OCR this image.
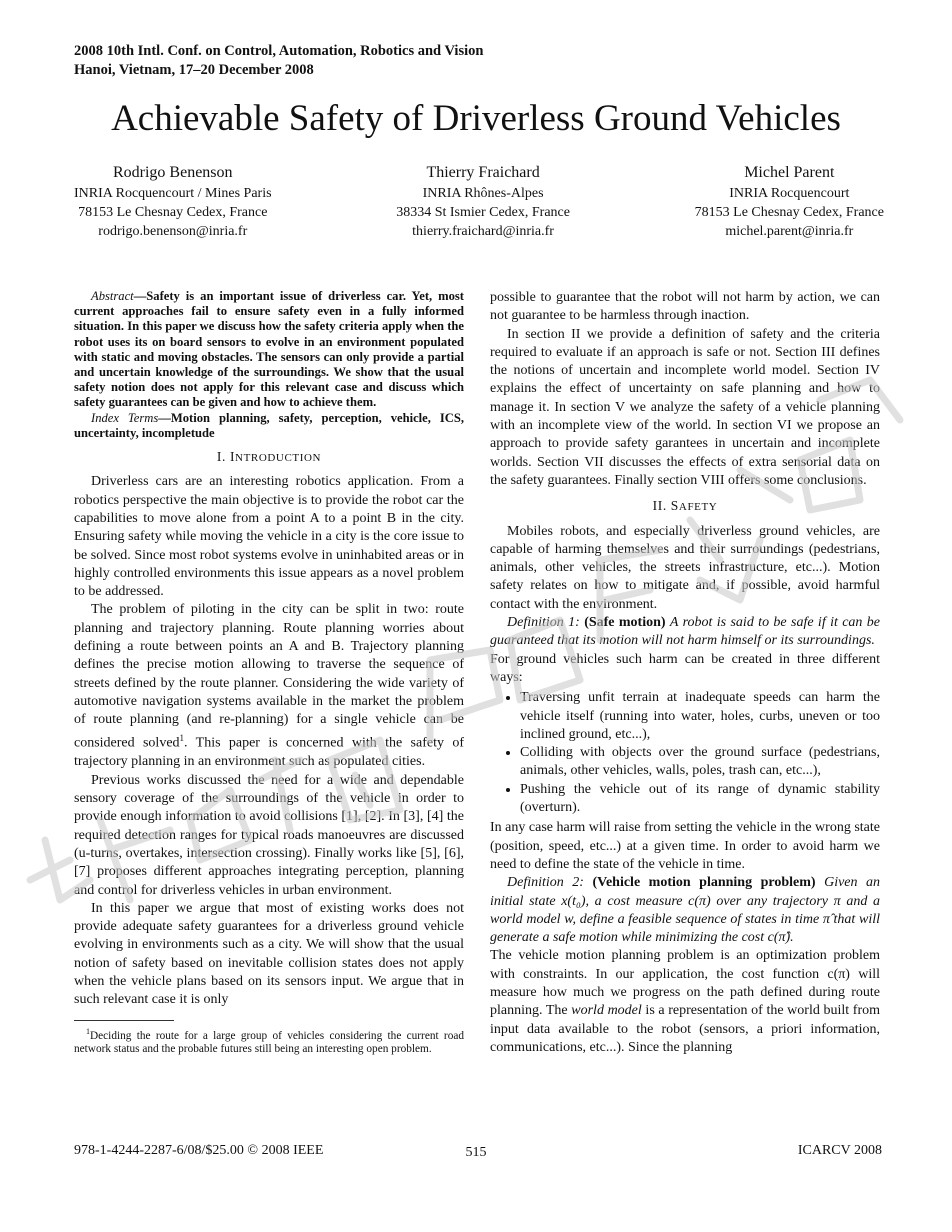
2008 10th Intl. Conf. on Control, Automation, Robotics and Vision
Hanoi, Vietnam, 17–20 December 2008
Achievable Safety of Driverless Ground Vehicles
Rodrigo Benenson
INRIA Rocquencourt / Mines Paris
78153 Le Chesnay Cedex, France
rodrigo.benenson@inria.fr
Thierry Fraichard
INRIA Rhônes-Alpes
38334 St Ismier Cedex, France
thierry.fraichard@inria.fr
Michel Parent
INRIA Rocquencourt
78153 Le Chesnay Cedex, France
michel.parent@inria.fr

Abstract—Safety is an important issue of driverless car. Yet, most current approaches fail to ensure safety even in a fully informed situation. In this paper we discuss how the safety criteria apply when the robot uses its on board sensors to evolve in an environment populated with static and moving obstacles. The sensors can only provide a partial and uncertain knowledge of the surroundings. We show that the usual safety notion does not apply for this relevant case and discuss which safety guarantees can be given and how to achieve them.

Index Terms—Motion planning, safety, perception, vehicle, ICS, uncertainty, incompletude

I. INTRODUCTION

Driverless cars are an interesting robotics application. From a robotics perspective the main objective is to provide the robot car the capabilities to move alone from a point A to a point B in the city. Ensuring safety while moving the vehicle in a city is the core issue to be solved. Since most robot systems evolve in uninhabited areas or in highly controlled environments this issue appears as a novel problem to be addressed.

The problem of piloting in the city can be split in two: route planning and trajectory planning. Route planning worries about defining a route between points an A and B. Trajectory planning defines the precise motion allowing to traverse the sequence of streets defined by the route planner. Considering the wide variety of automotive navigation systems available in the market the problem of route planning (and re-planning) for a single vehicle can be considered solved$^1$. This paper is concerned with the safety of trajectory planning in an environment such as populated cities.

Previous works discussed the need for a wide and dependable sensory coverage of the surroundings of the vehicle in order to provide enough information to avoid collisions [1], [2]. In [3], [4] the required detection ranges for typical roads manoeuvres are discussed (u-turns, overtakes, intersection crossing). Finally works like [5], [6], [7] proposes different approaches integrating perception, planning and control for driverless vehicles in urban environment.

In this paper we argue that most of existing works does not provide adequate safety guarantees for a driverless ground vehicle evolving in environments such as a city. We will show that the usual notion of safety based on inevitable collision states does not apply when the vehicle plans based on its sensors input. We argue that in such relevant case it is only

$^1$Deciding the route for a large group of vehicles considering the current road network status and the probable futures still being an interesting open problem.

possible to guarantee that the robot will not harm by action, we can not guarantee to be harmless through inaction.

In section II we provide a definition of safety and the criteria required to evaluate if an approach is safe or not. Section III defines the notions of uncertain and incomplete world model. Section IV explains the effect of uncertainty on safe planning and how to manage it. In section V we analyze the safety of a vehicle planning with an incomplete view of the world. In section VI we propose an approach to provide safety garantees in uncertain and incomplete worlds. Section VII discusses the effects of extra sensorial data on the safety guarantees. Finally section VIII offers some conclusions.

II. SAFETY

Mobiles robots, and especially driverless ground vehicles, are capable of harming themselves and their surroundings (pedestrians, animals, other vehicles, the streets infrastructure, etc...). Motion safety relates on how to mitigate and, if possible, avoid harmful contact with the environment.

Definition 1: (Safe motion) A robot is said to be safe if it can be guaranteed that its motion will not harm himself or its surroundings.

For ground vehicles such harm can be created in three different ways:

• Traversing unfit terrain at inadequate speeds can harm the vehicle itself (running into water, holes, curbs, uneven or too inclined ground, etc...),
• Colliding with objects over the ground surface (pedestrians, animals, other vehicles, walls, poles, trash can, etc...),
• Pushing the vehicle out of its range of dynamic stability (overturn).

In any case harm will raise from setting the vehicle in the wrong state (position, speed, etc...) at a given time. In order to avoid harm we need to define the state of the vehicle in time.

Definition 2: (Vehicle motion planning problem) Given an initial state x(t₀), a cost measure c(π) over any trajectory π and a world model w, define a feasible sequence of states in time π̂ that will generate a safe motion while minimizing the cost c(π̂).

The vehicle motion planning problem is an optimization problem with constraints. In our application, the cost function c(π) will measure how much we progress on the path defined during route planning. The world model is a representation of the world built from input data available to the robot (sensors, a priori information, communications, etc...). Since the planning

978-1-4244-2287-6/08/$25.00 © 2008 IEEE	515	ICARCV 2008
